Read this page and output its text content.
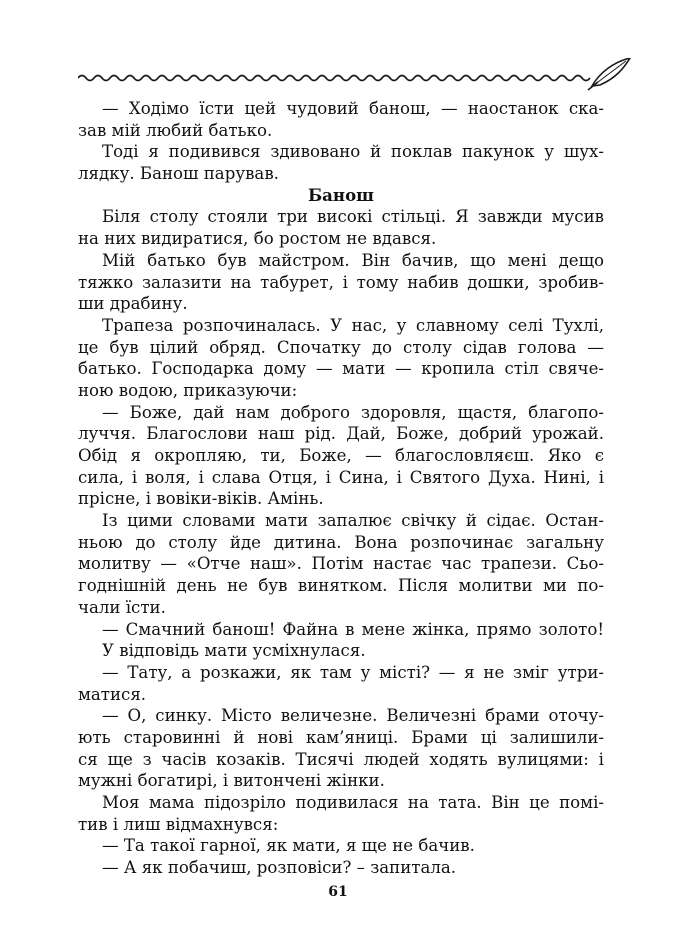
— Ходімо їсти цей чудовий банош, — наостанок ска-
зав мій любий батько.
Тоді я подивився здивовано й поклав пакунок у шух-
лядку. Банош парував.
Банош
Біля столу стояли три високі стільці. Я завжди мусив
на них видиратися, бо ростом не вдався.
Мій батько був майстром. Він бачив, що мені дещо
тяжко залазити на табурет, і тому набив дошки, зробив-
ши драбину.
Трапеза розпочиналась. У нас, у славному селі Тухлі,
це був цілий обряд. Спочатку до столу сідав голова —
батько. Господарка дому — мати — кропила стіл свяче-
ною водою, приказуючи:
— Боже, дай нам доброго здоровля, щастя, благопо-
луччя. Благослови наш рід. Дай, Боже, добрий урожай.
Обід я окропляю, ти, Боже, — благословляєш. Яко є
сила, і воля, і слава Отця, і Сина, і Святого Духа. Нині, і
прісне, і вовіки-віків. Амінь.
Із цими словами мати запалює свічку й сідає. Остан-
ньою до столу йде дитина. Вона розпочинає загальну
молитву — «Отче наш». Потім настає час трапези. Сьо-
годнішній день не був винятком. Після молитви ми по-
чали їсти.
— Смачний банош! Файна в мене жінка, прямо золото!
У відповідь мати усміхнулася.
— Тату, а розкажи, як там у місті? — я не зміг утри-
матися.
— О, синку. Місто величезне. Величезні брами оточу-
ють старовинні й нові кам’яниці. Брами ці залишили-
ся ще з часів козаків. Тисячі людей ходять вулицями: і
мужні богатирі, і витончені жінки.
Моя мама підозріло подивилася на тата. Він це помі-
тив і лиш відмахнувся:
— Та такої гарної, як мати, я ще не бачив.
— А як побачиш, розповіси? – запитала.
61
